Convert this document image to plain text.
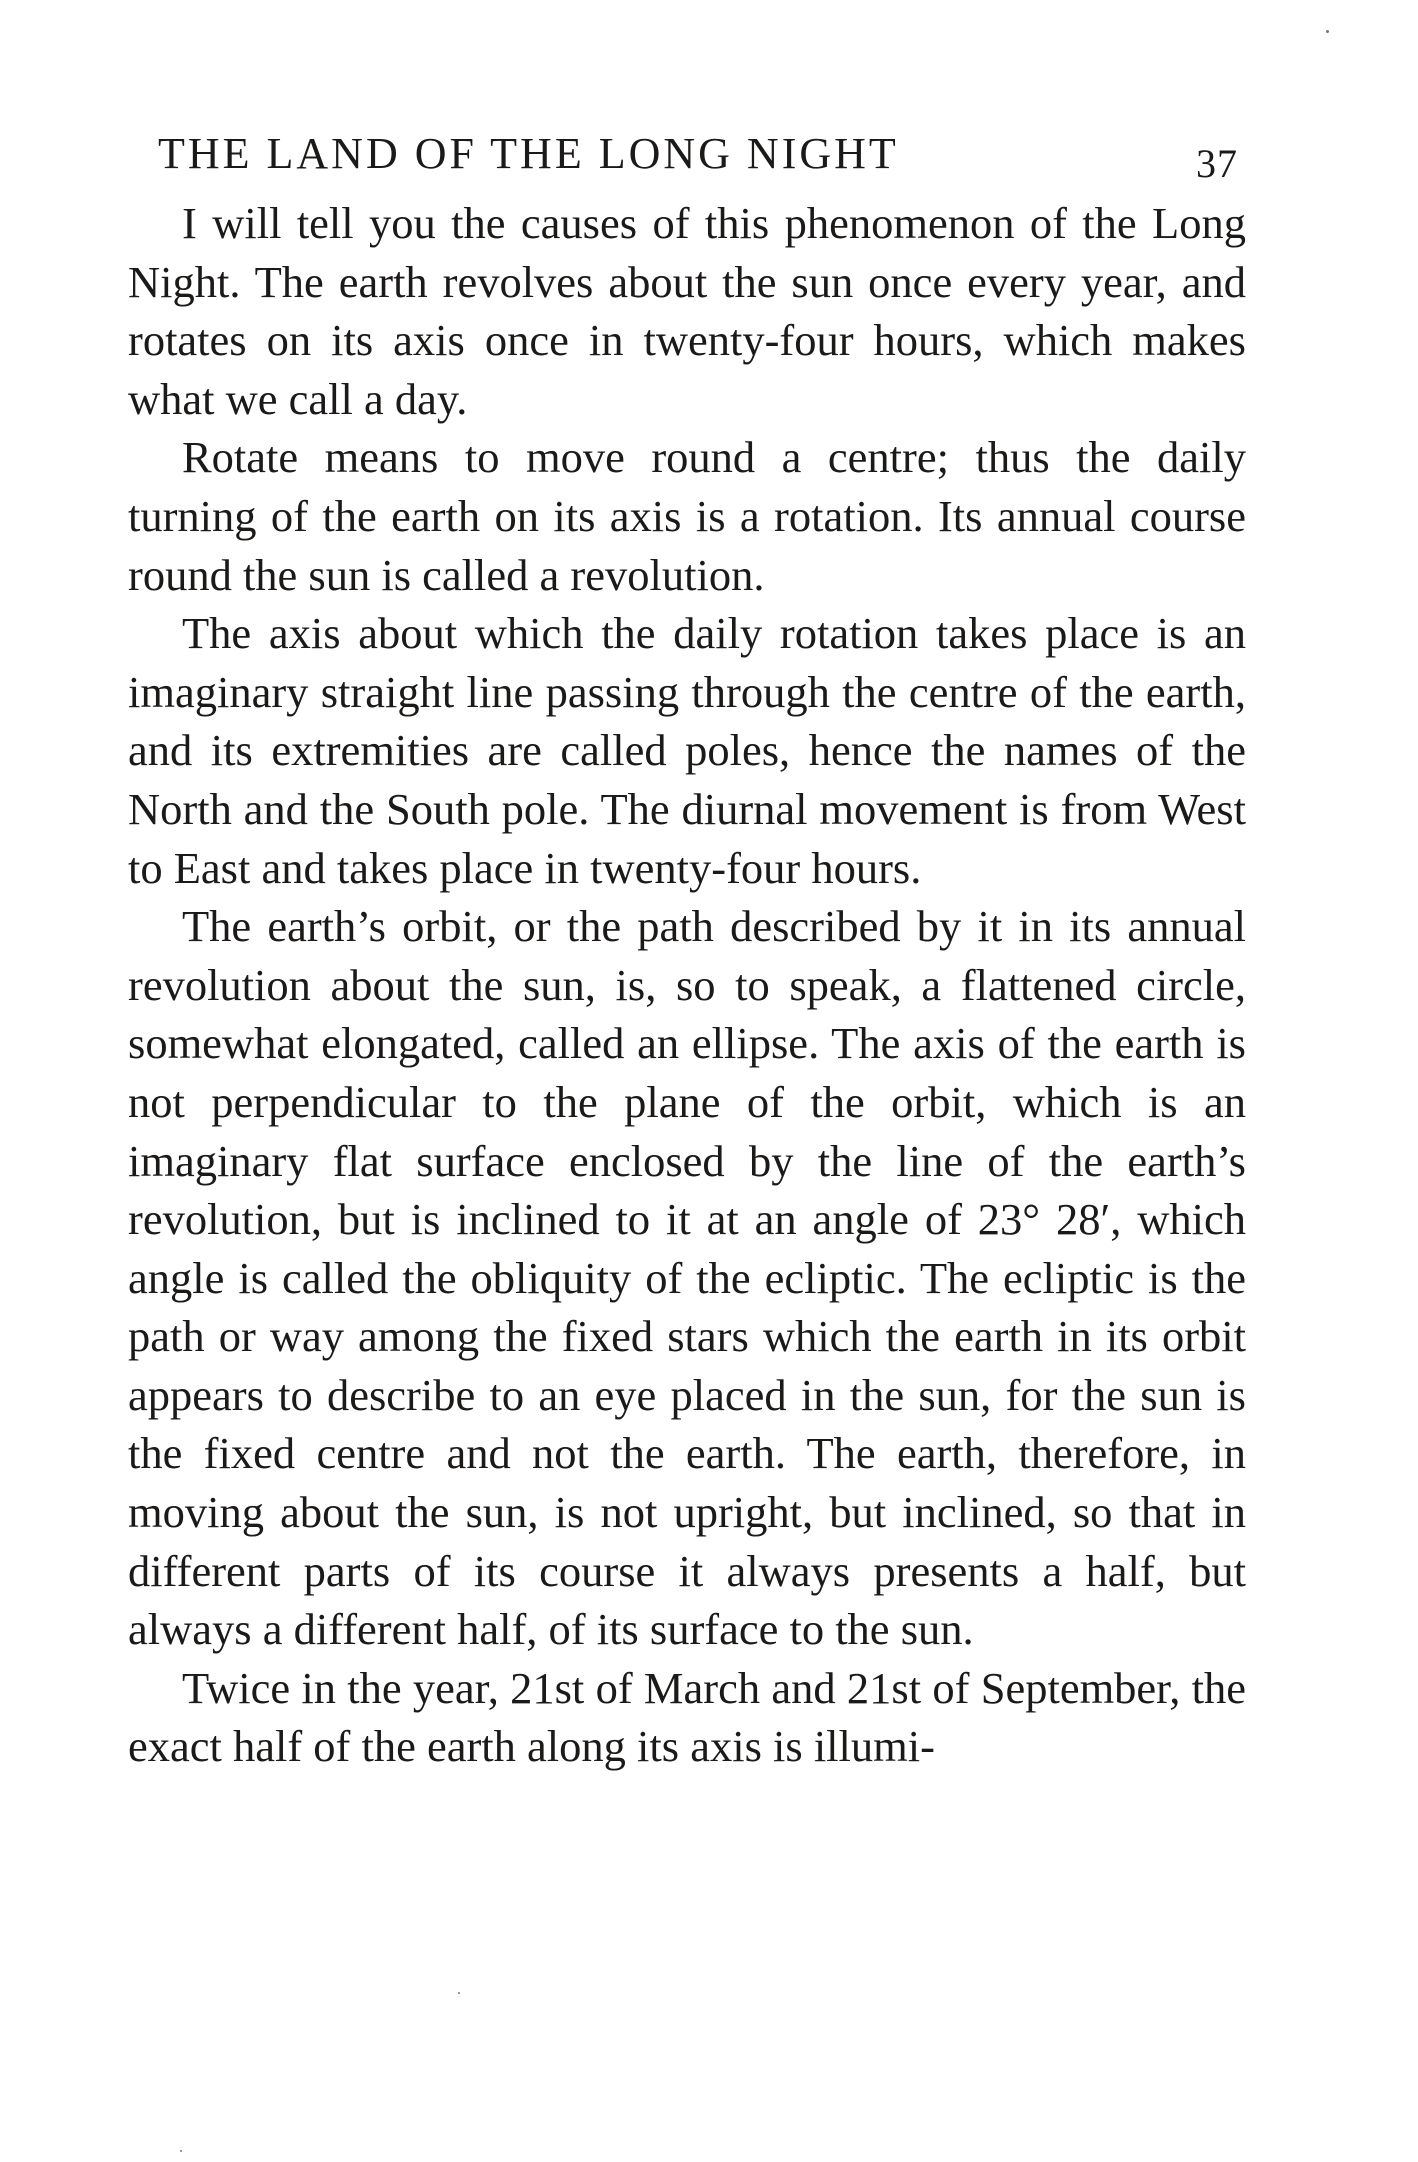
THE LAND OF THE LONG NIGHT	37

I will tell you the causes of this phenomenon of the Long Night. The earth revolves about the sun once every year, and rotates on its axis once in twenty-four hours, which makes what we call a day.

Rotate means to move round a centre; thus the daily turning of the earth on its axis is a rotation. Its annual course round the sun is called a revolution.

The axis about which the daily rotation takes place is an imaginary straight line passing through the centre of the earth, and its extremities are called poles, hence the names of the North and the South pole. The diurnal movement is from West to East and takes place in twenty-four hours.

The earth’s orbit, or the path described by it in its annual revolution about the sun, is, so to speak, a flattened circle, somewhat elongated, called an ellipse. The axis of the earth is not perpendicular to the plane of the orbit, which is an imaginary flat surface enclosed by the line of the earth’s revolution, but is inclined to it at an angle of 23° 28′, which angle is called the obliquity of the ecliptic. The ecliptic is the path or way among the fixed stars which the earth in its orbit appears to describe to an eye placed in the sun, for the sun is the fixed centre and not the earth. The earth, therefore, in moving about the sun, is not upright, but inclined, so that in different parts of its course it always presents a half, but always a different half, of its surface to the sun.

Twice in the year, 21st of March and 21st of September, the exact half of the earth along its axis is illumi-
